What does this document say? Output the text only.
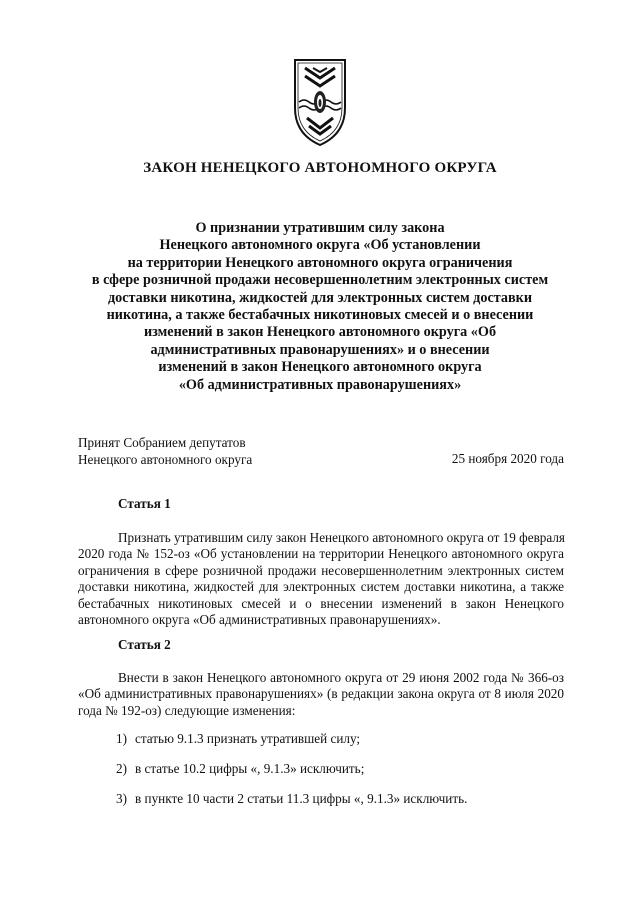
ЗАКОН НЕНЕЦКОГО АВТОНОМНОГО ОКРУГА
О признании утратившим силу закона
Ненецкого автономного округа «Об установлении
на территории Ненецкого автономного округа ограничения
в сфере розничной продажи несовершеннолетним электронных систем
доставки никотина, жидкостей для электронных систем доставки
никотина, а также бестабачных никотиновых смесей и о внесении
изменений в закон Ненецкого автономного округа «Об
административных правонарушениях» и о внесении
изменений в закон Ненецкого автономного округа
«Об административных правонарушениях»
Принят Собранием депутатов
Ненецкого автономного округа	25 ноября 2020 года
Статья 1
Признать утратившим силу закон Ненецкого автономного округа от 19 февраля
2020 года № 152-оз «Об установлении на территории Ненецкого автономного округа
ограничения в сфере розничной продажи несовершеннолетним электронных систем
доставки никотина, жидкостей для электронных систем доставки никотина, а также
бестабачных никотиновых смесей и о внесении изменений в закон Ненецкого
автономного округа «Об административных правонарушениях».
Статья 2
Внести в закон Ненецкого автономного округа от 29 июня 2002 года № 366-оз
«Об административных правонарушениях» (в редакции закона округа от 8 июля 2020
года № 192-оз) следующие изменения:
1) статью 9.1.3 признать утратившей силу;
2) в статье 10.2 цифры «, 9.1.3» исключить;
3) в пункте 10 части 2 статьи 11.3 цифры «, 9.1.3» исключить.
